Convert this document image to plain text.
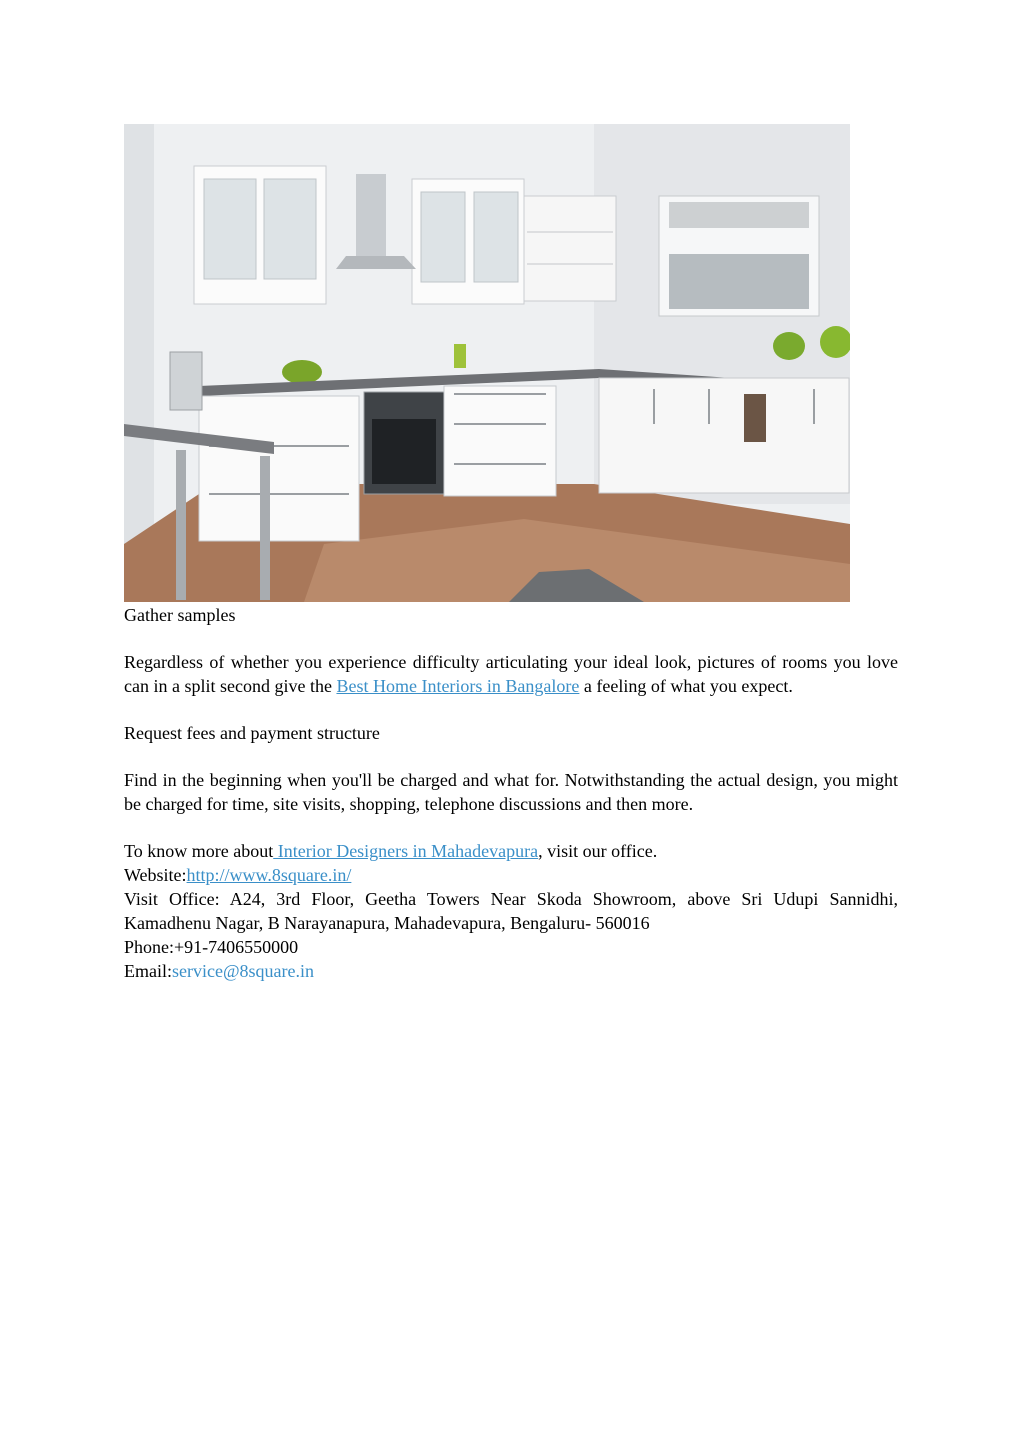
Gather samples

Regardless of whether you experience difficulty articulating your ideal look, pictures of rooms you love can in a split second give the Best Home Interiors in Bangalore a feeling of what you expect.

Request fees and payment structure

Find in the beginning when you'll be charged and what for. Notwithstanding the actual design, you might be charged for time, site visits, shopping, telephone discussions and then more.

To know more about Interior Designers in Mahadevapura, visit our office.

Website:http://www.8square.in/

Visit Office: A24, 3rd Floor, Geetha Towers Near Skoda Showroom, above Sri Udupi Sannidhi, Kamadhenu Nagar, B Narayanapura, Mahadevapura, Bengaluru- 560016

Phone:+91-7406550000

Email:service@8square.in
